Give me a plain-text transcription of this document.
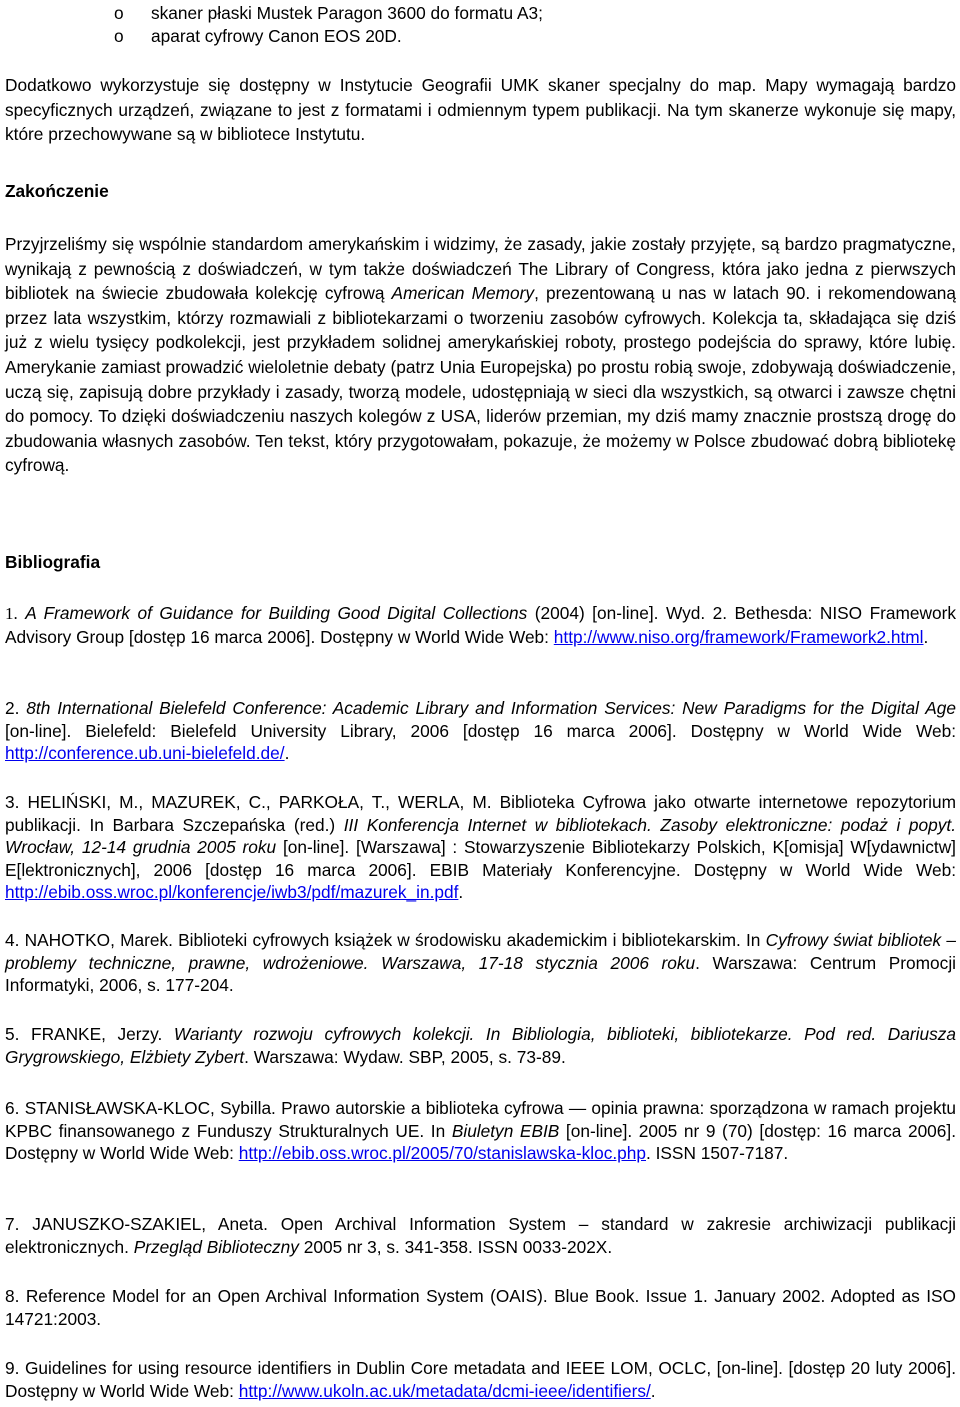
o skaner płaski Mustek Paragon 3600 do formatu A3;
o aparat cyfrowy Canon EOS 20D.
Dodatkowo wykorzystuje się dostępny w Instytucie Geografii UMK skaner specjalny do map. Mapy wymagają bardzo specyficznych urządzeń, związane to jest z formatami i odmiennym typem publikacji. Na tym skanerze wykonuje się mapy, które przechowywane są w bibliotece Instytutu.
Zakończenie
Przyjrzeliśmy się wspólnie standardom amerykańskim i widzimy, że zasady, jakie zostały przyjęte, są bardzo pragmatyczne, wynikają z pewnością z doświadczeń, w tym także doświadczeń The Library of Congress, która jako jedna z pierwszych bibliotek na świecie zbudowała kolekcję cyfrową American Memory, prezentowaną u nas w latach 90. i rekomendowaną przez lata wszystkim, którzy rozmawiali z bibliotekarzami o tworzeniu zasobów cyfrowych. Kolekcja ta, składająca się dziś już z wielu tysięcy podkolekcji, jest przykładem solidnej amerykańskiej roboty, prostego podejścia do sprawy, które lubię. Amerykanie zamiast prowadzić wieloletnie debaty (patrz Unia Europejska) po prostu robią swoje, zdobywają doświadczenie, uczą się, zapisują dobre przykłady i zasady, tworzą modele, udostępniają w sieci dla wszystkich, są otwarci i zawsze chętni do pomocy. To dzięki doświadczeniu naszych kolegów z USA, liderów przemian, my dziś mamy znacznie prostszą drogę do zbudowania własnych zasobów. Ten tekst, który przygotowałam, pokazuje, że możemy w Polsce zbudować dobrą bibliotekę cyfrową.
Bibliografia
1. A Framework of Guidance for Building Good Digital Collections (2004) [on-line]. Wyd. 2. Bethesda: NISO Framework Advisory Group [dostęp 16 marca 2006]. Dostępny w World Wide Web: http://www.niso.org/framework/Framework2.html.
2. 8th International Bielefeld Conference: Academic Library and Information Services: New Paradigms for the Digital Age [on-line]. Bielefeld: Bielefeld University Library, 2006 [dostęp 16 marca 2006]. Dostępny w World Wide Web: http://conference.ub.uni-bielefeld.de/.
3. HELIŃSKI, M., MAZUREK, C., PARKOŁA, T., WERLA, M. Biblioteka Cyfrowa jako otwarte internetowe repozytorium publikacji. In Barbara Szczepańska (red.) III Konferencja Internet w bibliotekach. Zasoby elektroniczne: podaż i popyt. Wrocław, 12-14 grudnia 2005 roku [on-line]. [Warszawa] : Stowarzyszenie Bibliotekarzy Polskich, K[omisja] W[ydawnictw] E[lektronicznych], 2006 [dostęp 16 marca 2006]. EBIB Materiały Konferencyjne. Dostępny w World Wide Web: http://ebib.oss.wroc.pl/konferencje/iwb3/pdf/mazurek_in.pdf.
4. NAHOTKO, Marek. Biblioteki cyfrowych książek w środowisku akademickim i bibliotekarskim. In Cyfrowy świat bibliotek – problemy techniczne, prawne, wdrożeniowe. Warszawa, 17-18 stycznia 2006 roku. Warszawa: Centrum Promocji Informatyki, 2006, s. 177-204.
5. FRANKE, Jerzy. Warianty rozwoju cyfrowych kolekcji. In Bibliologia, biblioteki, bibliotekarze. Pod red. Dariusza Grygrowskiego, Elżbiety Zybert. Warszawa: Wydaw. SBP, 2005, s. 73-89.
6. STANISŁAWSKA-KLOC, Sybilla. Prawo autorskie a biblioteka cyfrowa — opinia prawna: sporządzona w ramach projektu KPBC finansowanego z Funduszy Strukturalnych UE. In Biuletyn EBIB [on-line]. 2005 nr 9 (70) [dostęp: 16 marca 2006]. Dostępny w World Wide Web: http://ebib.oss.wroc.pl/2005/70/stanislawska-kloc.php. ISSN 1507-7187.
7. JANUSZKO-SZAKIEL, Aneta. Open Archival Information System – standard w zakresie archiwizacji publikacji elektronicznych. Przegląd Biblioteczny 2005 nr 3, s. 341-358. ISSN 0033-202X.
8. Reference Model for an Open Archival Information System (OAIS). Blue Book. Issue 1. January 2002. Adopted as ISO 14721:2003.
9. Guidelines for using resource identifiers in Dublin Core metadata and IEEE LOM, OCLC, [on-line]. [dostęp 20 luty 2006]. Dostępny w World Wide Web: http://www.ukoln.ac.uk/metadata/dcmi-ieee/identifiers/.
